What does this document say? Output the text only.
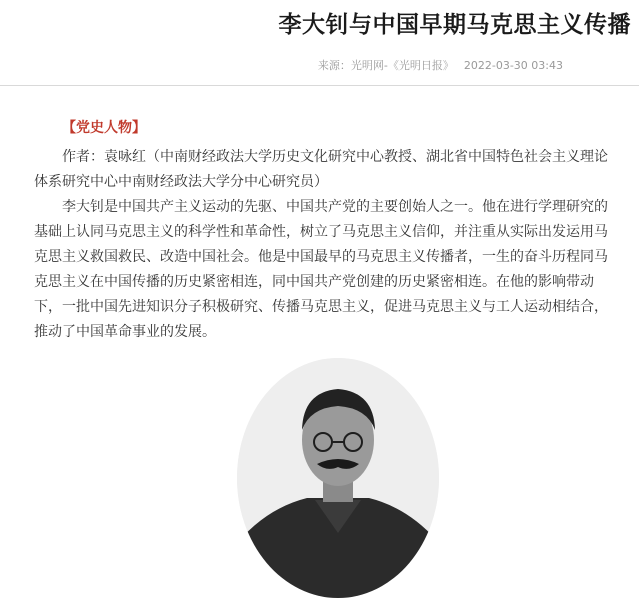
李大钊与中国早期马克思主义传播
来源：光明网-《光明日报》 2022-03-30 03:43
【党史人物】

作者：袁咏红（中南财经政法大学历史文化研究中心教授、湖北省中国特色社会主义理论体系研究中心中南财经政法大学分中心研究员）

李大钊是中国共产主义运动的先驱、中国共产党的主要创始人之一。他在进行学理研究的基础上认同马克思主义的科学性和革命性，树立了马克思主义信仰，并注重从实际出发运用马克思主义救国救民、改造中国社会。他是中国最早的马克思主义传播者，一生的奋斗历程同马克思主义在中国传播的历史紧密相连，同中国共产党创建的历史紧密相连。在他的影响带动下，一批中国先进知识分子积极研究、传播马克思主义，促进马克思主义与工人运动相结合，推动了中国革命事业的发展。
